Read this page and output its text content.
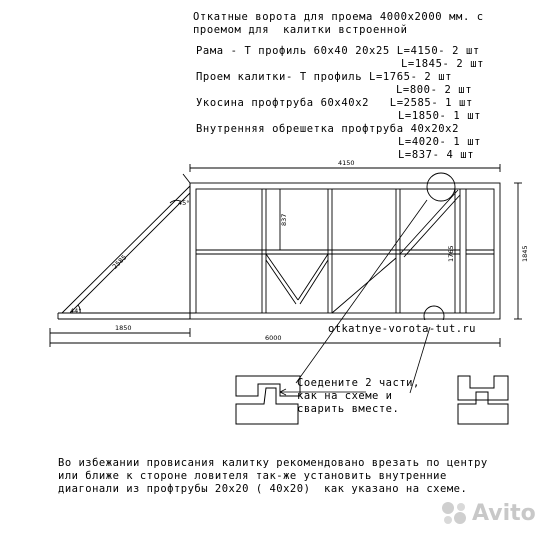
Откатные ворота для проема 4000х2000 мм. с
проемом для  калитки встроенной
Рама - Т профиль 60х40 20х25 L=4150- 2 шт
L=1845- 2 шт
Проем калитки- Т профиль L=1765- 2 шт
L=800- 2 шт
Укосина профтруба 60х40х2   L=2585- 1 шт
L=1850- 1 шт
Внутренняя обрешетка профтруба 40х20х2
L=4020- 1 шт
L=837- 4 шт
4150
6000
1850
2585	1845
1765
837
45°
44°
otkatnye-vorota-tut.ru
Соедените 2 части,
как на схеме и
сварить вместе.
Во избежании провисания калитку рекомендовано врезать по центру
или ближе к стороне ловителя так-же установить внутренние
диагонали из профтрубы 20х20 ( 40х20)  как указано на схеме.
Avito
